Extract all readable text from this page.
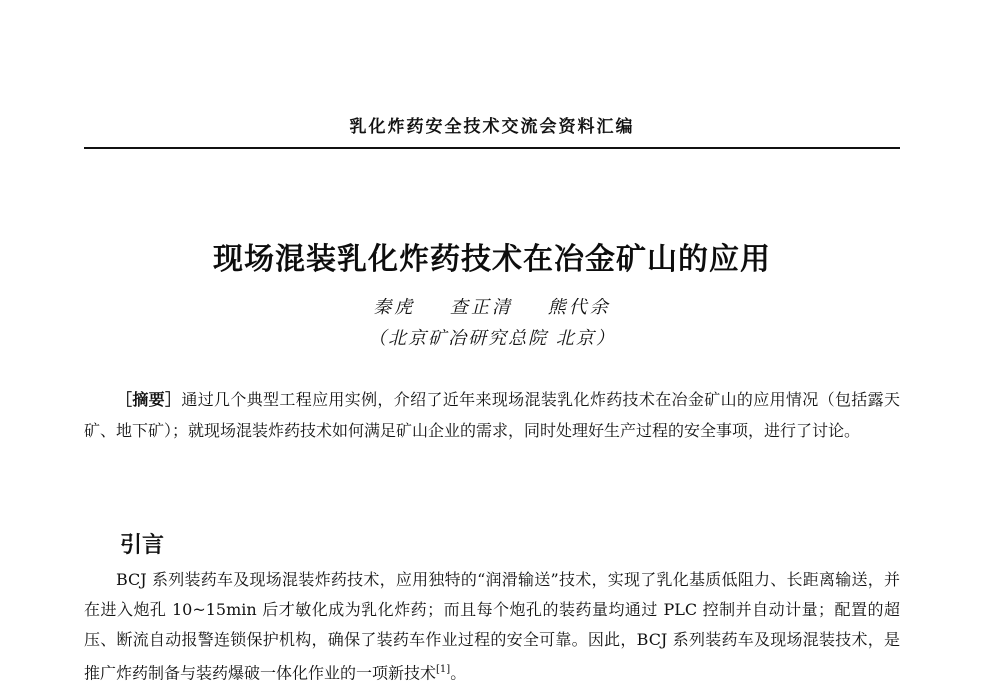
乳化炸药安全技术交流会资料汇编
现场混装乳化炸药技术在冶金矿山的应用
秦虎 查正清 熊代余
（北京矿冶研究总院 北京）

［摘要］通过几个典型工程应用实例，介绍了近年来现场混装乳化炸药技术在冶金矿山的应用情况（包括露天矿、地下矿）；就现场混装炸药技术如何满足矿山企业的需求，同时处理好生产过程的安全事项，进行了讨论。

引言

BCJ 系列装药车及现场混装炸药技术，应用独特的“润滑输送”技术，实现了乳化基质低阻力、长距离输送，并在进入炮孔 10~15min 后才敏化成为乳化炸药；而且每个炮孔的装药量均通过 PLC 控制并自动计量；配置的超压、断流自动报警连锁保护机构，确保了装药车作业过程的安全可靠。因此，BCJ 系列装药车及现场混装技术，是推广炸药制备与装药爆破一体化作业的一项新技术[1]。
